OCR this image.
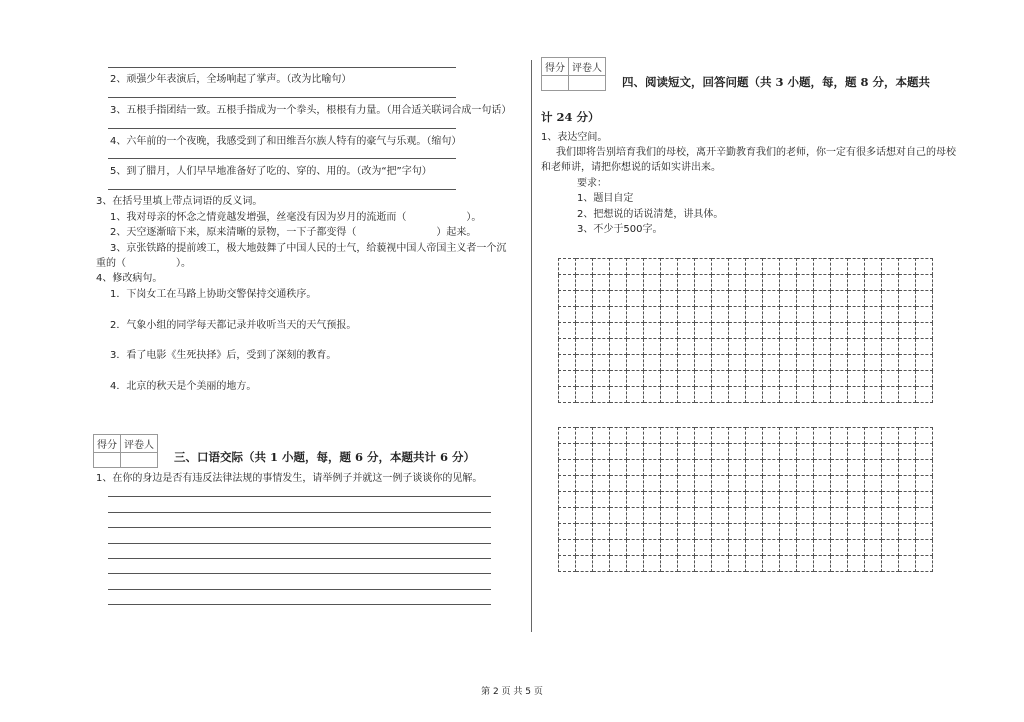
2、顽强少年表演后，全场响起了掌声。（改为比喻句）
3、五根手指团结一致。五根手指成为一个拳头，根根有力量。（用合适关联词合成一句话）
4、六年前的一个夜晚，我感受到了和田维吾尔族人特有的豪气与乐观。（缩句）
5、到了腊月，人们早早地准备好了吃的、穿的、用的。（改为“把”字句）
3、在括号里填上带点词语的反义词。
1、我对母亲的怀念之情竟越发增强，丝毫没有因为岁月的流逝而（　　　　　　）。
2、天空逐渐暗下来，原来清晰的景物，一下子都变得（　　　　　　　　）起来。
3、京张铁路的提前竣工，极大地鼓舞了中国人民的士气，给藐视中国人帝国主义者一个沉
重的（　　　　　）。
4、修改病句。
1．下岗女工在马路上协助交警保持交通秩序。
2．气象小组的同学每天都记录并收听当天的天气预报。
3．看了电影《生死抉择》后，受到了深刻的教育。
4．北京的秋天是个美丽的地方。
得分	评卷人

三、口语交际（共 1 小题，每，题 6 分，本题共计 6 分）
1、在你的身边是否有违反法律法规的事情发生，请举例子并就这一例子谈谈你的见解。
得分	评卷人

四、阅读短文，回答问题（共 3 小题，每，题 8 分，本题共
计 24 分）
1、表达空间。
我们即将告别培育我们的母校，离开辛勤教育我们的老师，你一定有很多话想对自己的母校
和老师讲，请把你想说的话如实讲出来。
要求：
1、题目自定
2、把想说的话说清楚，讲具体。
3、不少于500字。

第 2 页 共 5 页
